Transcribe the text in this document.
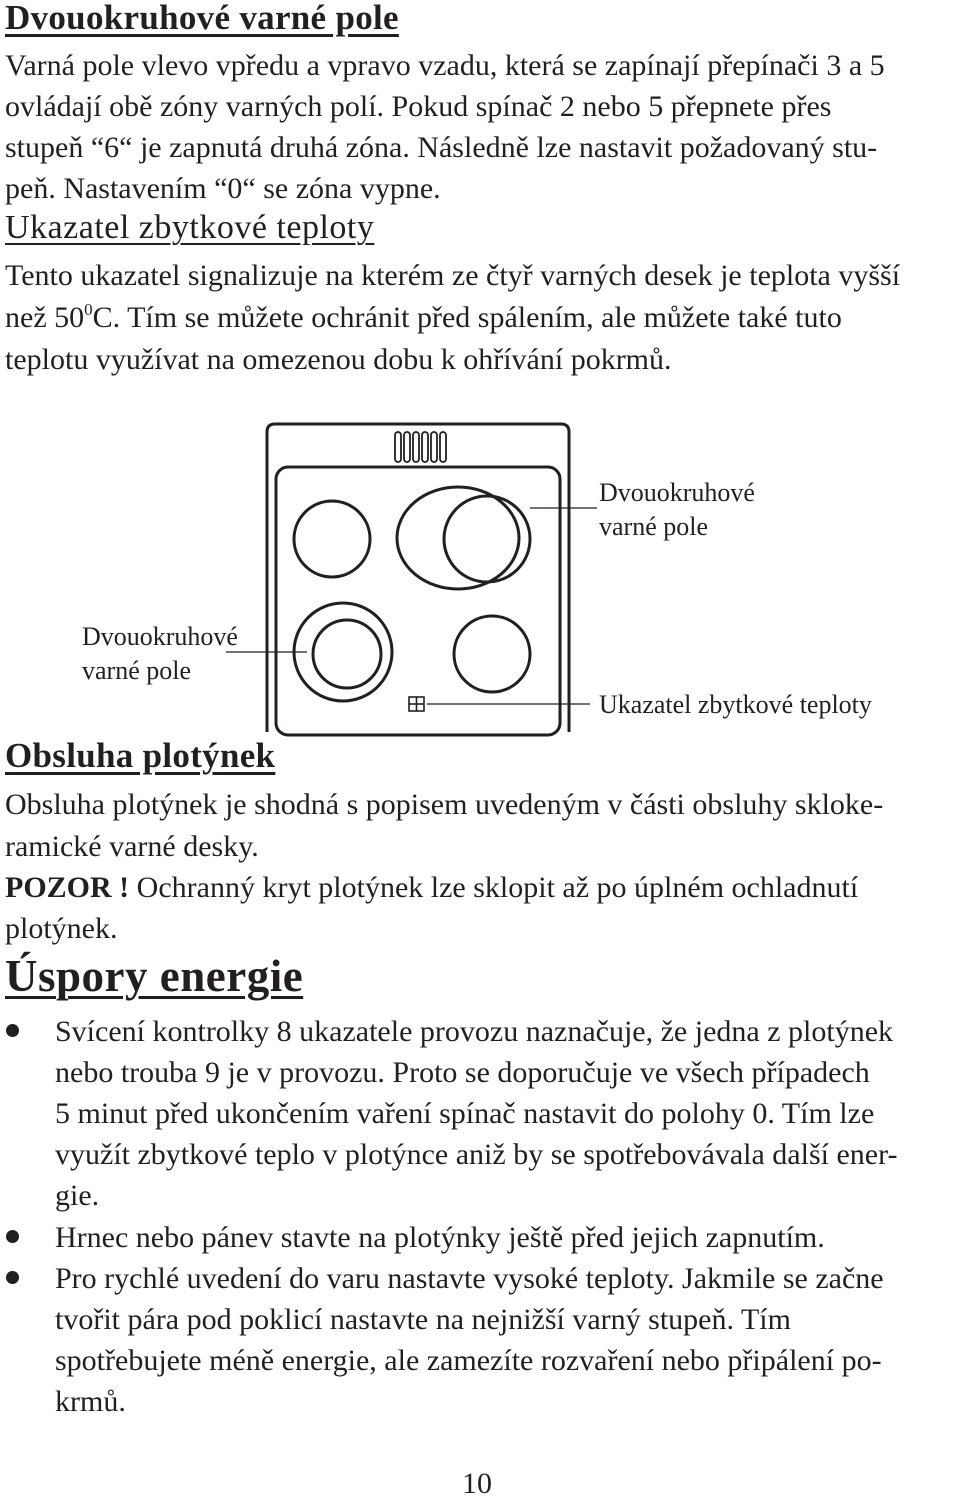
Dvouokruhové varné pole

Varná pole vlevo vpředu a vpravo vzadu, která se zapínají přepínači 3 a 5

ovládají obě zóny varných polí. Pokud spínač 2 nebo 5 přepnete přes

stupeň “6“ je zapnutá druhá zóna. Následně lze nastavit požadovaný stu-

peň. Nastavením “0“ se zóna vypne.

Ukazatel zbytkové teploty

Tento ukazatel signalizuje na kterém ze čtyř varných desek je teplota vyšší

než $50^0C$. Tím se můžete ochránit před spálením, ale můžete také tuto

teplotu využívat na omezenou dobu k ohřívání pokrmů.

Dvouokruhové

varné pole

Dvouokruhové

varné pole

Ukazatel zbytkové teploty

Obsluha plotýnek

Obsluha plotýnek je shodná s popisem uvedeným v části obsluhy skloke-

ramické varné desky.

POZOR ! Ochranný kryt plotýnek lze sklopit až po úplném ochladnutí

plotýnek.

Úspory energie

Svícení kontrolky 8 ukazatele provozu naznačuje, že jedna z plotýnek

nebo trouba 9 je v provozu. Proto se doporučuje ve všech případech

5 minut před ukončením vaření spínač nastavit do polohy 0. Tím lze

využít zbytkové teplo v plotýnce aniž by se spotřebovávala další ener-

gie.

Hrnec nebo pánev stavte na plotýnky ještě před jejich zapnutím.

Pro rychlé uvedení do varu nastavte vysoké teploty. Jakmile se začne

tvořit pára pod poklicí nastavte na nejnižší varný stupeň. Tím

spotřebujete méně energie, ale zamezíte rozvaření nebo připálení po-

krmů.

10
